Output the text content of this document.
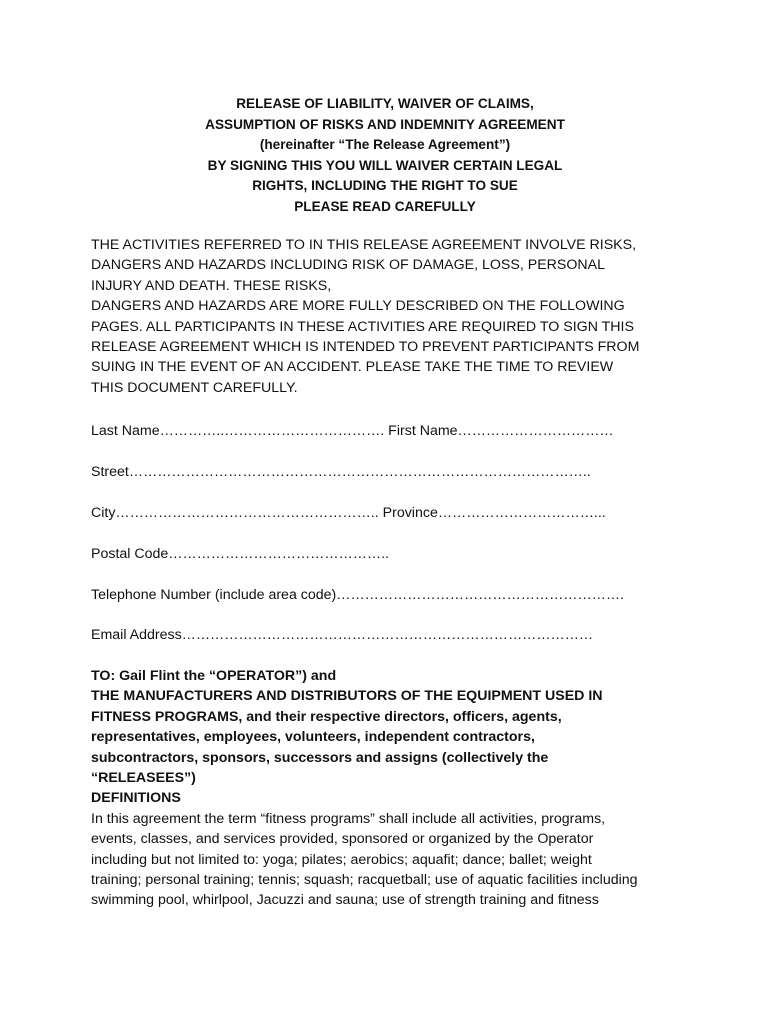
RELEASE OF LIABILITY, WAIVER OF CLAIMS,
ASSUMPTION OF RISKS AND INDEMNITY AGREEMENT
(hereinafter “The Release Agreement”)
BY SIGNING THIS YOU WILL WAIVER CERTAIN LEGAL
RIGHTS, INCLUDING THE RIGHT TO SUE
PLEASE READ CAREFULLY
THE ACTIVITIES REFERRED TO IN THIS RELEASE AGREEMENT INVOLVE RISKS,
DANGERS AND HAZARDS INCLUDING RISK OF DAMAGE, LOSS, PERSONAL
INJURY AND DEATH. THESE RISKS,
DANGERS AND HAZARDS ARE MORE FULLY DESCRIBED ON THE FOLLOWING
PAGES. ALL PARTICIPANTS IN THESE ACTIVITIES ARE REQUIRED TO SIGN THIS
RELEASE AGREEMENT WHICH IS INTENDED TO PREVENT PARTICIPANTS FROM
SUING IN THE EVENT OF AN ACCIDENT. PLEASE TAKE THE TIME TO REVIEW
THIS DOCUMENT CAREFULLY.
Last Name…………..……………………………. First Name……………………………
Street……………………………………………………………………………………..
City……………………………………………….. Province……………………………...
Postal Code………………………………………..
Telephone Number (include area code)…………………………………………………….
Email Address……………………………………………………………………………
TO: Gail Flint the “OPERATOR”) and
THE MANUFACTURERS AND DISTRIBUTORS OF THE EQUIPMENT USED IN
FITNESS PROGRAMS, and their respective directors, officers, agents,
representatives, employees, volunteers, independent contractors,
subcontractors, sponsors, successors and assigns (collectively the
“RELEASEES”)
DEFINITIONS
In this agreement the term “fitness programs” shall include all activities, programs,
events, classes, and services provided, sponsored or organized by the Operator
including but not limited to: yoga; pilates; aerobics; aquafit; dance; ballet; weight
training; personal training; tennis; squash; racquetball; use of aquatic facilities including
swimming pool, whirlpool, Jacuzzi and sauna; use of strength training and fitness
